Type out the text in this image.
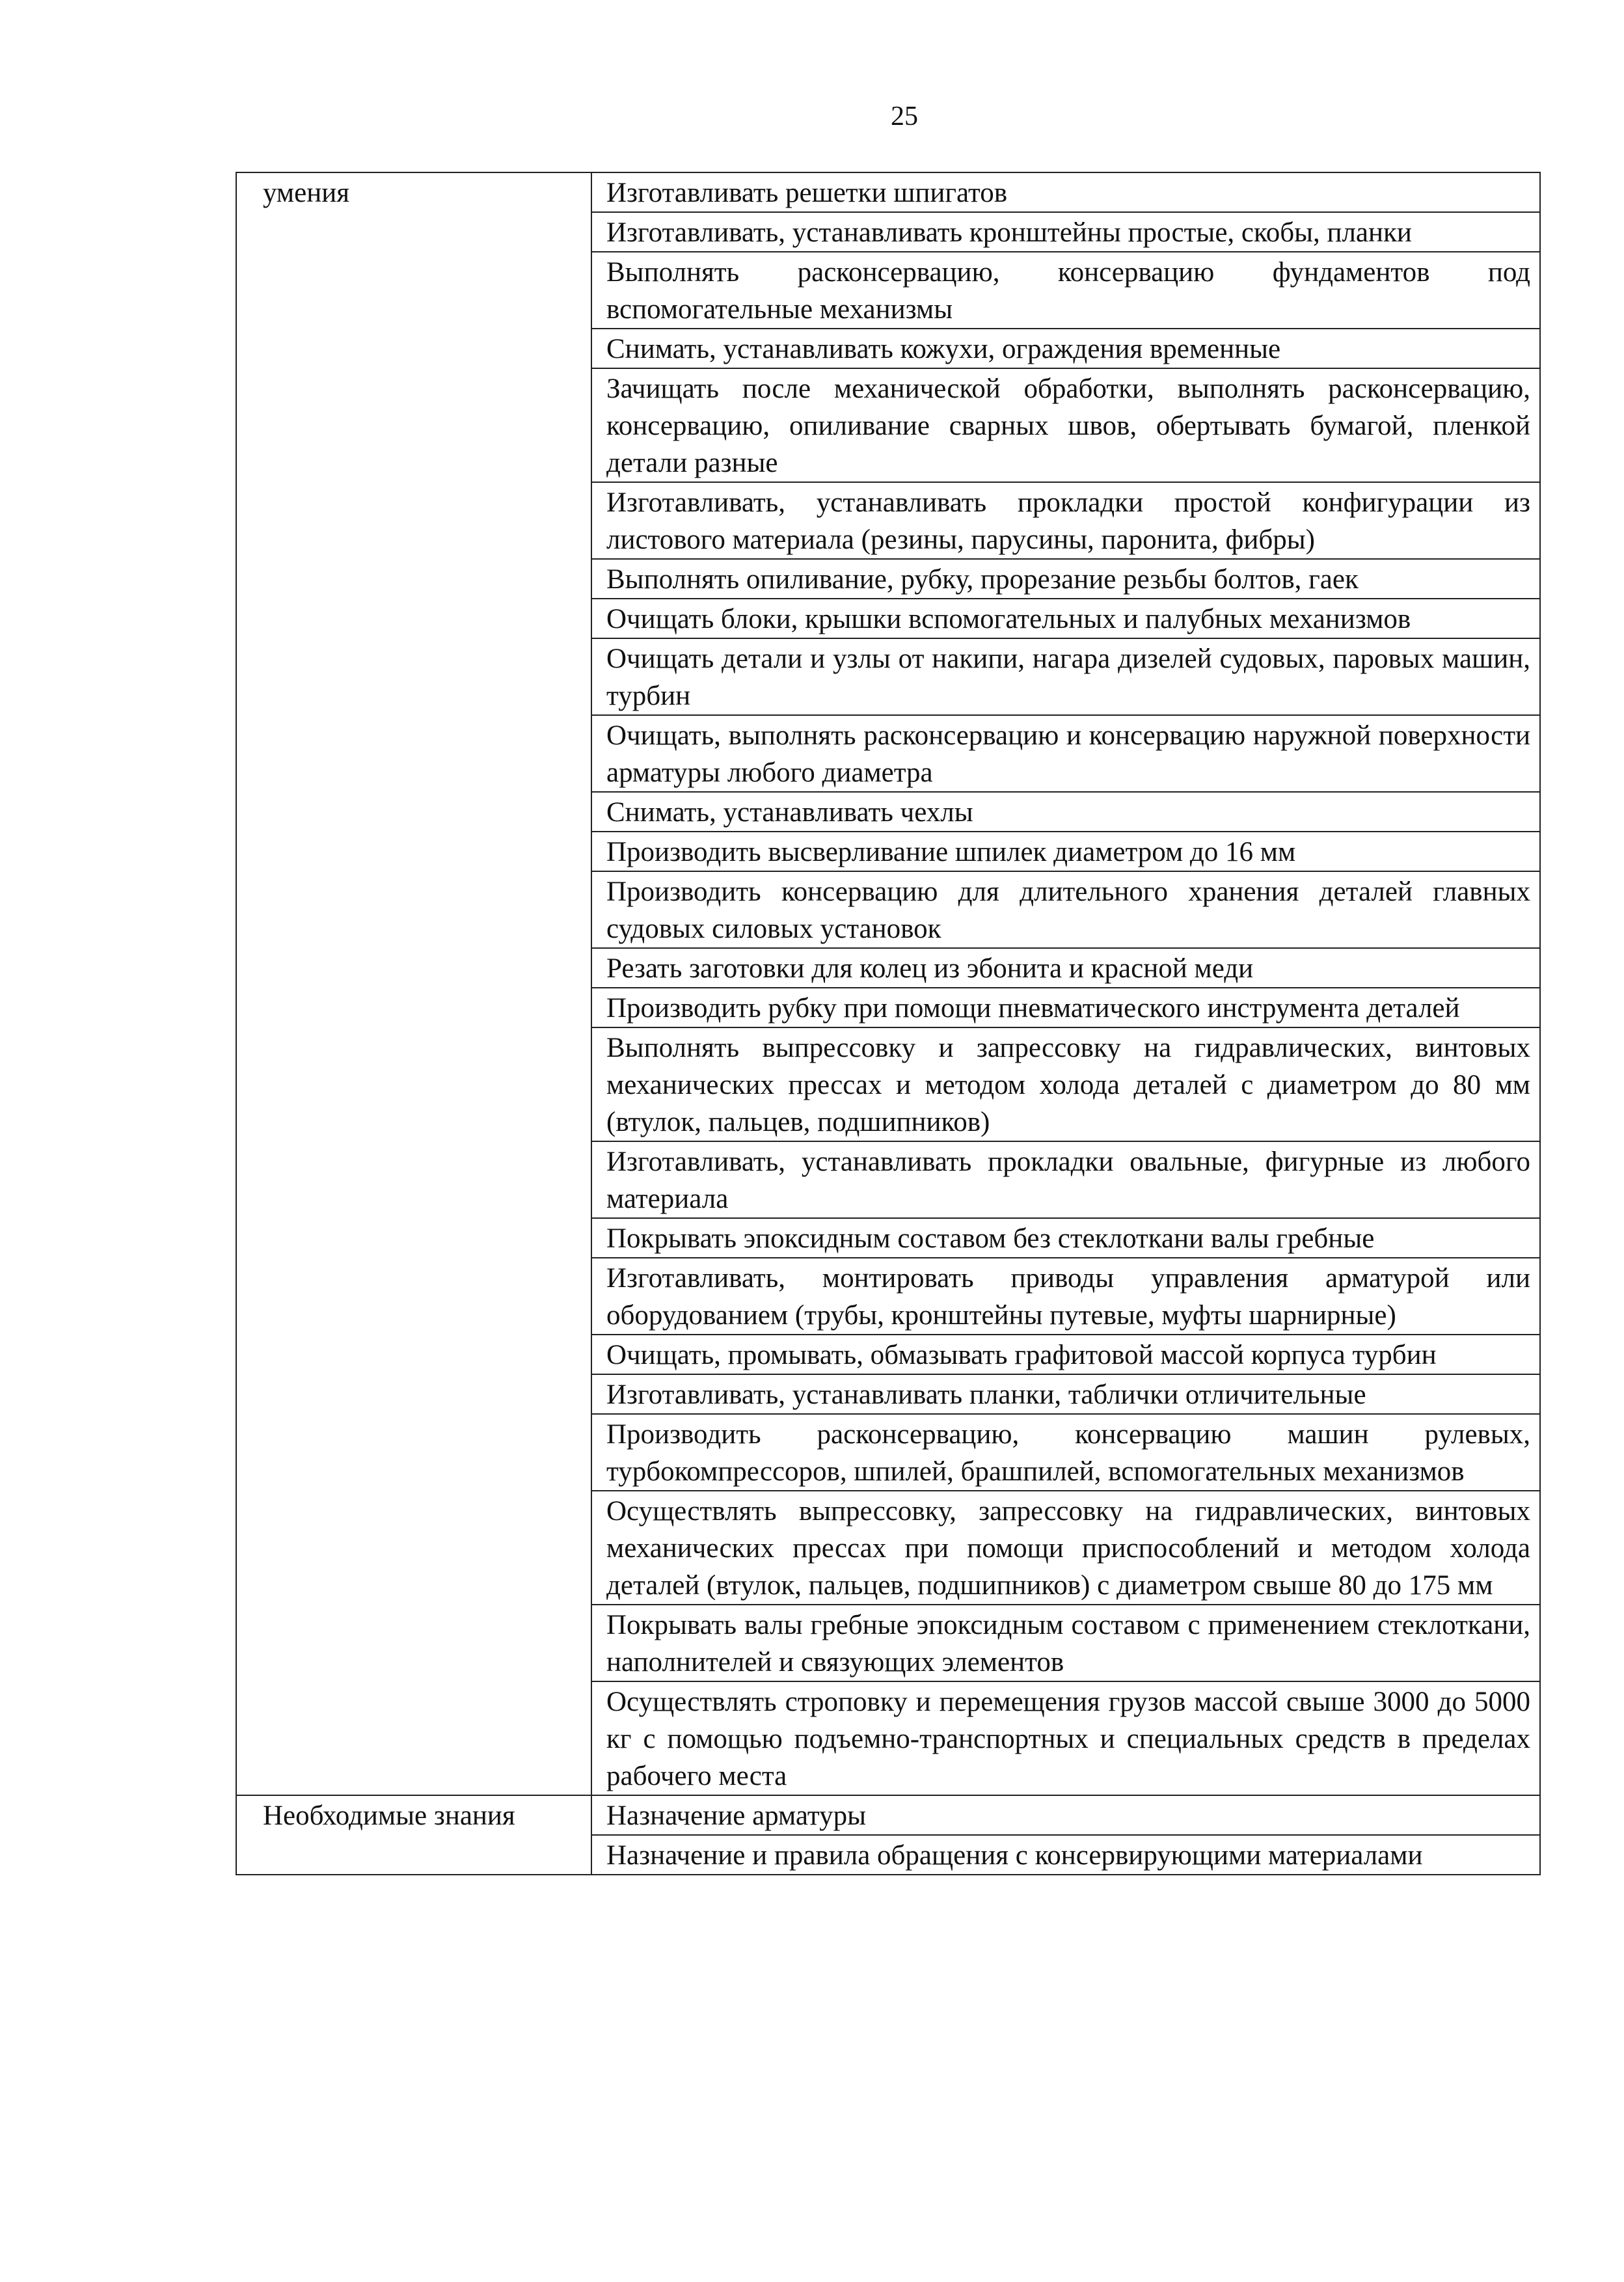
25
умения	Изготавливать решетки шпигатов
	Изготавливать, устанавливать кронштейны простые, скобы, планки
	Выполнять расконсервацию, консервацию фундаментов под вспомогательные механизмы
	Снимать, устанавливать кожухи, ограждения временные
	Зачищать после механической обработки, выполнять расконсервацию, консервацию, опиливание сварных швов, обертывать бумагой, пленкой детали разные
	Изготавливать, устанавливать прокладки простой конфигурации из листового материала (резины, парусины, паронита, фибры)
	Выполнять опиливание, рубку, прорезание резьбы болтов, гаек
	Очищать блоки, крышки вспомогательных и палубных механизмов
	Очищать детали и узлы от накипи, нагара дизелей судовых, паровых машин, турбин
	Очищать, выполнять расконсервацию и консервацию наружной поверхности арматуры любого диаметра
	Снимать, устанавливать чехлы
	Производить высверливание шпилек диаметром до 16 мм
	Производить консервацию для длительного хранения деталей главных судовых силовых установок
	Резать заготовки для колец из эбонита и красной меди
	Производить рубку при помощи пневматического инструмента деталей
	Выполнять выпрессовку и запрессовку на гидравлических, винтовых механических прессах и методом холода деталей с диаметром до 80 мм (втулок, пальцев, подшипников)
	Изготавливать, устанавливать прокладки овальные, фигурные из любого материала
	Покрывать эпоксидным составом без стеклоткани валы гребные
	Изготавливать, монтировать приводы управления арматурой или оборудованием (трубы, кронштейны путевые, муфты шарнирные)
	Очищать, промывать, обмазывать графитовой массой корпуса турбин
	Изготавливать, устанавливать планки, таблички отличительные
	Производить расконсервацию, консервацию машин рулевых, турбокомпрессоров, шпилей, брашпилей, вспомогательных механизмов
	Осуществлять выпрессовку, запрессовку на гидравлических, винтовых механических прессах при помощи приспособлений и методом холода деталей (втулок, пальцев, подшипников) с диаметром свыше 80 до 175 мм
	Покрывать валы гребные эпоксидным составом с применением стеклоткани, наполнителей и связующих элементов
	Осуществлять строповку и перемещения грузов массой свыше 3000 до 5000 кг с помощью подъемно-транспортных и специальных средств в пределах рабочего места
Необходимые знания	Назначение арматуры
	Назначение и правила обращения с консервирующими материалами
